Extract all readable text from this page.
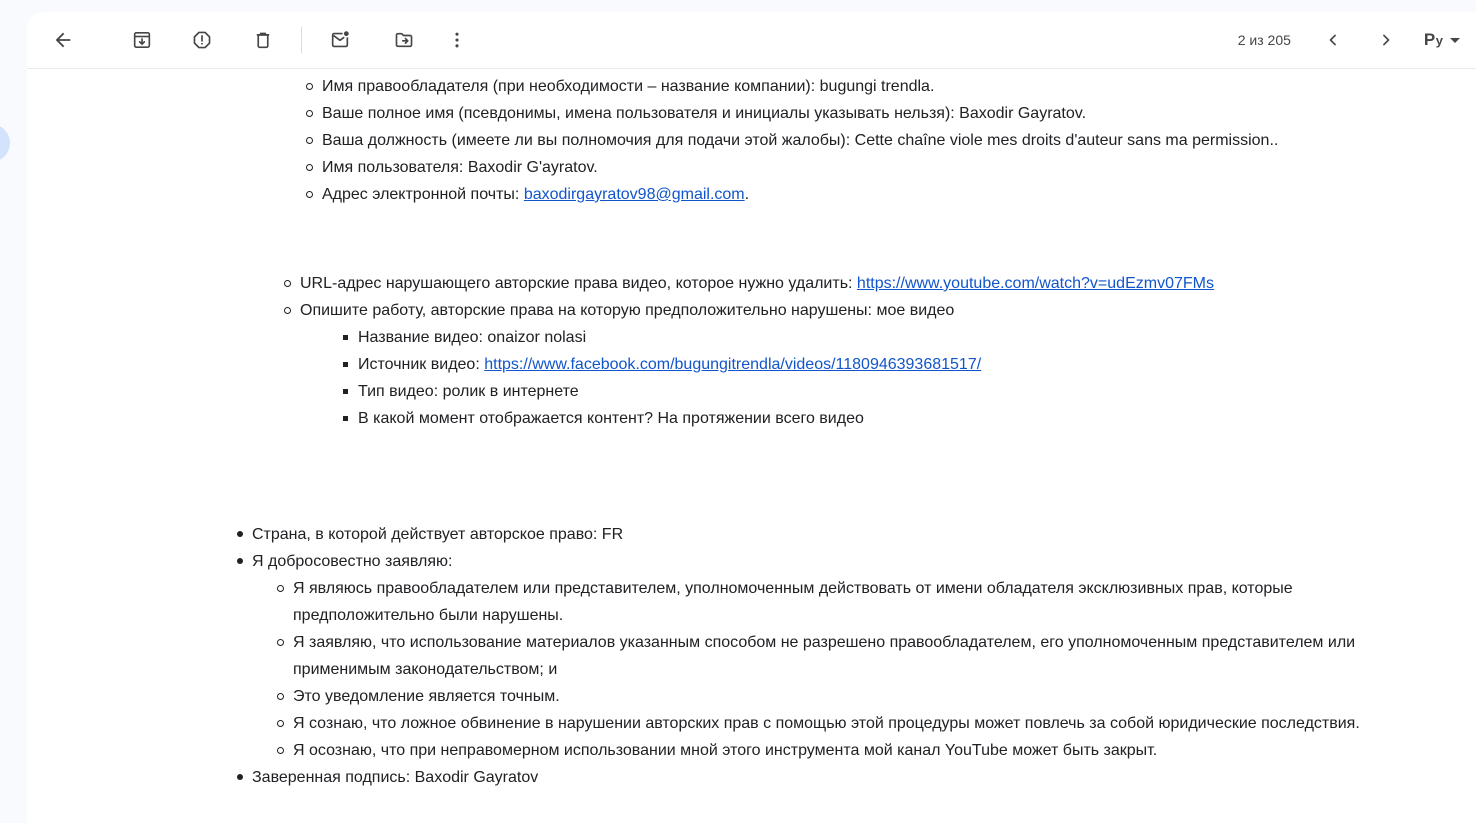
2 из 205	Р у
Имя правообладателя (при необходимости – название компании): bugungi trendla.
Ваше полное имя (псевдонимы, имена пользователя и инициалы указывать нельзя): Baxodir Gayratov.
Ваша должность (имеете ли вы полномочия для подачи этой жалобы): Cette chaîne viole mes droits d'auteur sans ma permission..
Имя пользователя: Baxodir G'ayratov.
Адрес электронной почты: baxodirgayratov98@gmail.com.
URL-адрес нарушающего авторские права видео, которое нужно удалить: https://www.youtube.com/watch?v=udEzmv07FMs
Опишите работу, авторские права на которую предположительно нарушены: мое видео
Название видео: onaizor nolasi
Источник видео: https://www.facebook.com/bugungitrendla/videos/1180946393681517/
Тип видео: ролик в интернете
В какой момент отображается контент? На протяжении всего видео
Страна, в которой действует авторское право: FR
Я добросовестно заявляю:
Я являюсь правообладателем или представителем, уполномоченным действовать от имени обладателя эксклюзивных прав, которые предположительно были нарушены.
Я заявляю, что использование материалов указанным способом не разрешено правообладателем, его уполномоченным представителем или применимым законодательством; и
Это уведомление является точным.
Я сознаю, что ложное обвинение в нарушении авторских прав с помощью этой процедуры может повлечь за собой юридические последствия.
Я осознаю, что при неправомерном использовании мной этого инструмента мой канал YouTube может быть закрыт.
Заверенная подпись: Baxodir Gayratov
